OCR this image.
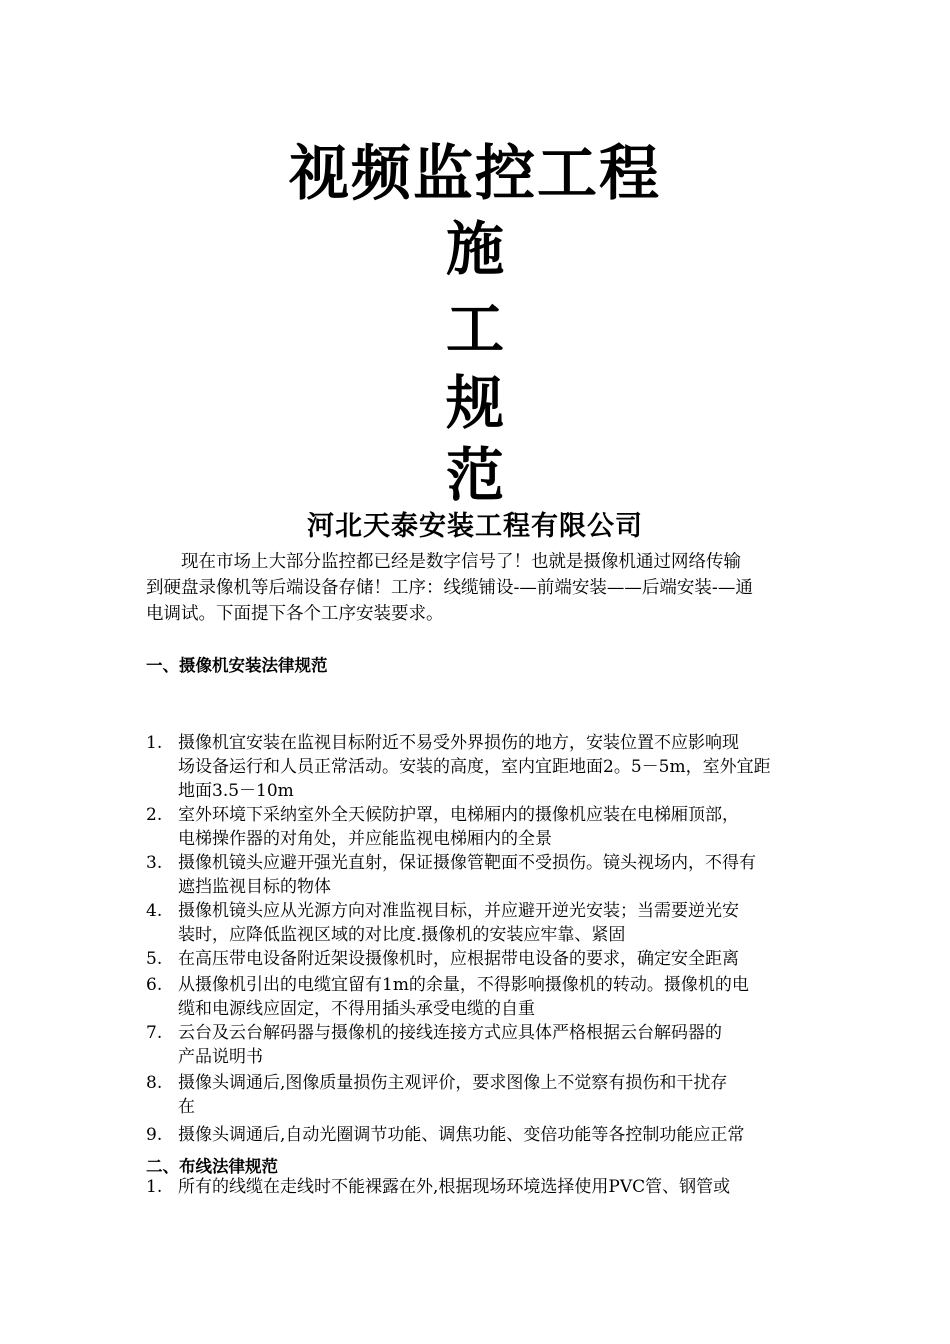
视频监控工程
施
工
规
范
河北天泰安装工程有限公司
现在市场上大部分监控都已经是数字信号了！也就是摄像机通过网络传输
到硬盘录像机等后端设备存储！工序：线缆铺设-—前端安装——后端安装-—通
电调试。下面提下各个工序安装要求。
一、摄像机安装法律规范
1. 摄像机宜安装在监视目标附近不易受外界损伤的地方，安装位置不应影响现
场设备运行和人员正常活动。安装的高度，室内宜距地面2。5－5m，室外宜距
地面3.5－10m
2. 室外环境下采纳室外全天候防护罩，电梯厢内的摄像机应装在电梯厢顶部，
电梯操作器的对角处，并应能监视电梯厢内的全景
3. 摄像机镜头应避开强光直射，保证摄像管靶面不受损伤。镜头视场内，不得有
遮挡监视目标的物体
4. 摄像机镜头应从光源方向对准监视目标，并应避开逆光安装；当需要逆光安
装时，应降低监视区域的对比度.摄像机的安装应牢靠、紧固
5. 在高压带电设备附近架设摄像机时，应根据带电设备的要求，确定安全距离
6. 从摄像机引出的电缆宜留有1m的余量，不得影响摄像机的转动。摄像机的电
缆和电源线应固定，不得用插头承受电缆的自重
7. 云台及云台解码器与摄像机的接线连接方式应具体严格根据云台解码器的
产品说明书
8. 摄像头调通后,图像质量损伤主观评价，要求图像上不觉察有损伤和干扰存
在
9. 摄像头调通后,自动光圈调节功能、调焦功能、变倍功能等各控制功能应正常
二、布线法律规范
1. 所有的线缆在走线时不能裸露在外,根据现场环境选择使用PVC管、钢管或
